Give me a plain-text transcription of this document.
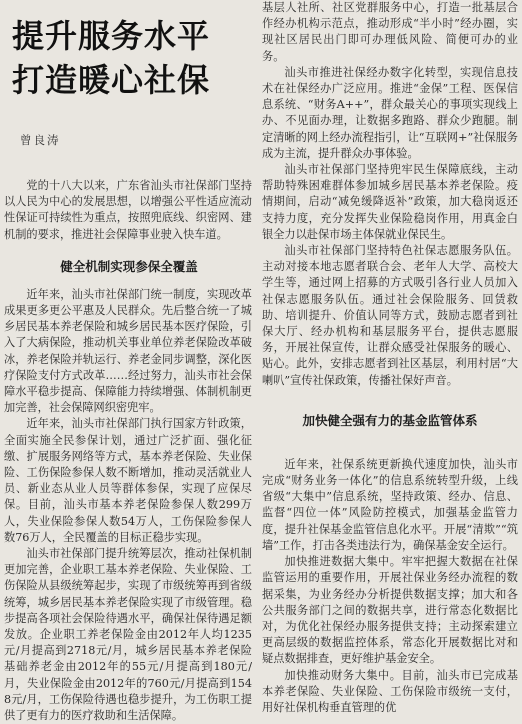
提升服务水平
打造暖心社保
曾良涛

党的十八大以来，广东省汕头市社保部门坚持以人民为中心的发展思想，以增强公平性适应流动性保证可持续性为重点，按照兜底线、织密网、建机制的要求，推进社会保障事业驶入快车道。

健全机制实现参保全覆盖

近年来，汕头市社保部门统一制度，实现改革成果更多更公平惠及人民群众。先后整合统一了城乡居民基本养老保险和城乡居民基本医疗保险，引入了大病保险，推动机关事业单位养老保险改革破冰，养老保险并轨运行、养老金同步调整，深化医疗保险支付方式改革……经过努力，汕头市社会保障水平稳步提高、保障能力持续增强、体制机制更加完善，社会保障网织密兜牢。

近年来，汕头市社保部门执行国家方针政策，全面实施全民参保计划，通过广泛扩面、强化征缴、扩展服务网络等方式，基本养老保险、失业保险、工伤保险参保人数不断增加，推动灵活就业人员、新业态从业人员等群体参保，实现了应保尽保。目前，汕头市基本养老保险参保人数299万人，失业保险参保人数54万人，工伤保险参保人数76万人，全民覆盖的目标正稳步实现。

汕头市社保部门提升统筹层次，推动社保机制更加完善，企业职工基本养老保险、失业保险、工伤保险从县级统筹起步，实现了市级统筹再到省级统筹，城乡居民基本养老保险实现了市级管理。稳步提高各项社会保险待遇水平，确保社保待遇足额发放。企业职工养老保险金由2012年人均1235元/月提高到2718元/月，城乡居民基本养老保险基础养老金由2012年的55元/月提高到180元/月，失业保险金由2012年的760元/月提高到1548元/月，工伤保险待遇也稳步提升，为工伤职工提供了更有力的医疗救助和生活保障。

基层人社所、社区党群服务中心，打造一批基层合作经办机构示范点，推动形成“半小时”经办圈，实现社区居民出门即可办理低风险、简便可办的业务。

汕头市推进社保经办数字化转型，实现信息技术在社保经办广泛应用。推进“金保”工程、医保信息系统、“财务A++”，群众最关心的事项实现线上办、不见面办理，让数据多跑路、群众少跑腿。制定清晰的网上经办流程指引，让“互联网+”社保服务成为主流，提升群众办事体验。

汕头市社保部门坚持兜牢民生保障底线，主动帮助特殊困难群体参加城乡居民基本养老保险。疫情期间，启动“减免缓降返补”政策，加大稳岗返还支持力度，充分发挥失业保险稳岗作用，用真金白银全力以赴保市场主体保就业保民生。

汕头市社保部门坚持特色社保志愿服务队伍。主动对接本地志愿者联合会、老年人大学、高校大学生等，通过网上招募的方式吸引各行业人员加入社保志愿服务队伍。通过社会保险服务、回赁救助、培训提升、价值认同等方式，鼓励志愿者到社保大厅、经办机构和基层服务平台，提供志愿服务，开展社保宣传，让群众感受社保服务的暖心、贴心。此外，安排志愿者到社区基层，利用村居“大喇叭”宣传社保政策，传播社保好声音。

加快健全强有力的基金监管体系

近年来，社保系统更新换代速度加快，汕头市完成“财务业务一体化”的信息系统转型升级，上线省级“大集中”信息系统，坚持政策、经办、信息、监督“四位一体”风险防控模式，加强基金监管力度，提升社保基金监管信息化水平。开展“清欺”“筑墙”工作，打击各类违法行为，确保基金安全运行。

加快推进数据大集中。牢牢把握大数据在社保监管运用的重要作用，开展社保业务经办流程的数据采集，为业务经办分析提供数据支撑；加大和各公共服务部门之间的数据共享，进行常态化数据比对，为优化社保经办服务提供支持；主动探索建立更高层级的数据监控体系，常态化开展数据比对和疑点数据排查，更好维护基金安全。

加快推动财务大集中。目前，汕头市已完成基本养老保险、失业保险、工伤保险市级统一支付，用好社保机构垂直管理的优
